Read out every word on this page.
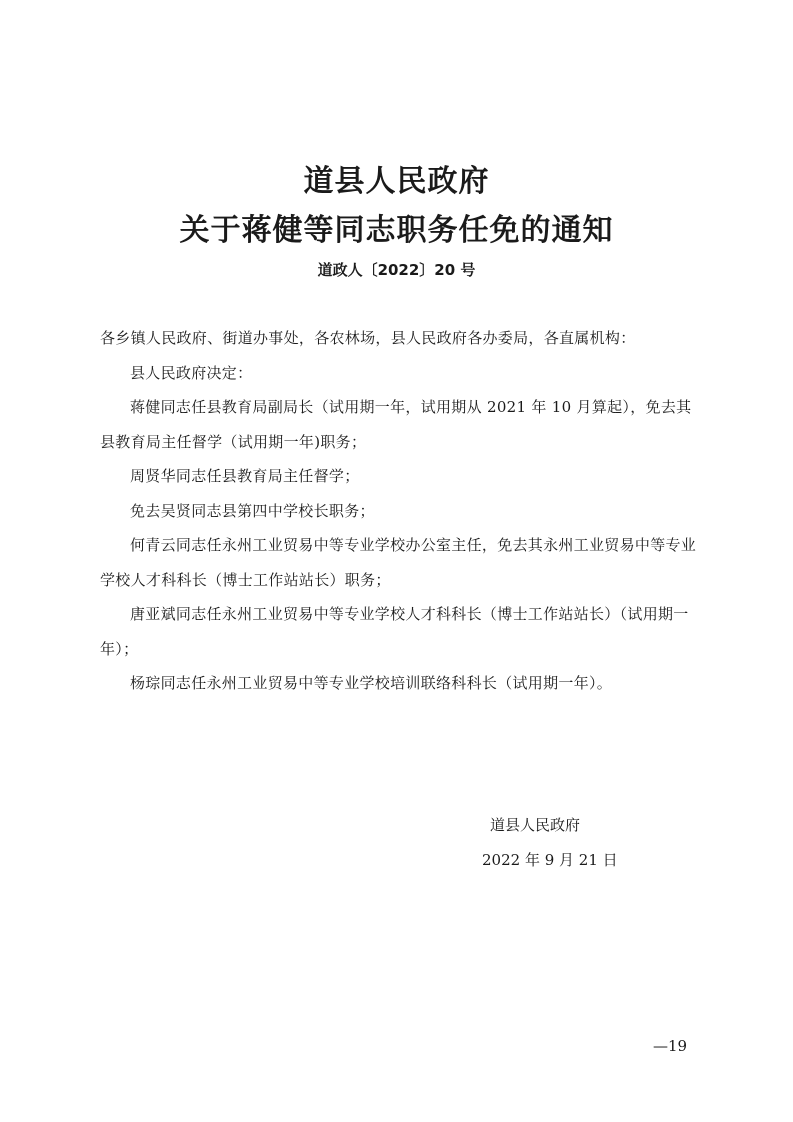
道县人民政府
关于蒋健等同志职务任免的通知
道政人〔2022〕20 号

各乡镇人民政府、街道办事处，各农林场，县人民政府各办委局，各直属机构：

县人民政府决定：

蒋健同志任县教育局副局长（试用期一年，试用期从 2021 年 10 月算起），免去其县教育局主任督学（试用期一年)职务；

周贤华同志任县教育局主任督学；

免去吴贤同志县第四中学校长职务；

何青云同志任永州工业贸易中等专业学校办公室主任，免去其永州工业贸易中等专业学校人才科科长（博士工作站站长）职务；

唐亚斌同志任永州工业贸易中等专业学校人才科科长（博士工作站站长）（试用期一年）；

杨琮同志任永州工业贸易中等专业学校培训联络科科长（试用期一年）。

道县人民政府
2022 年 9 月 21 日
—19
